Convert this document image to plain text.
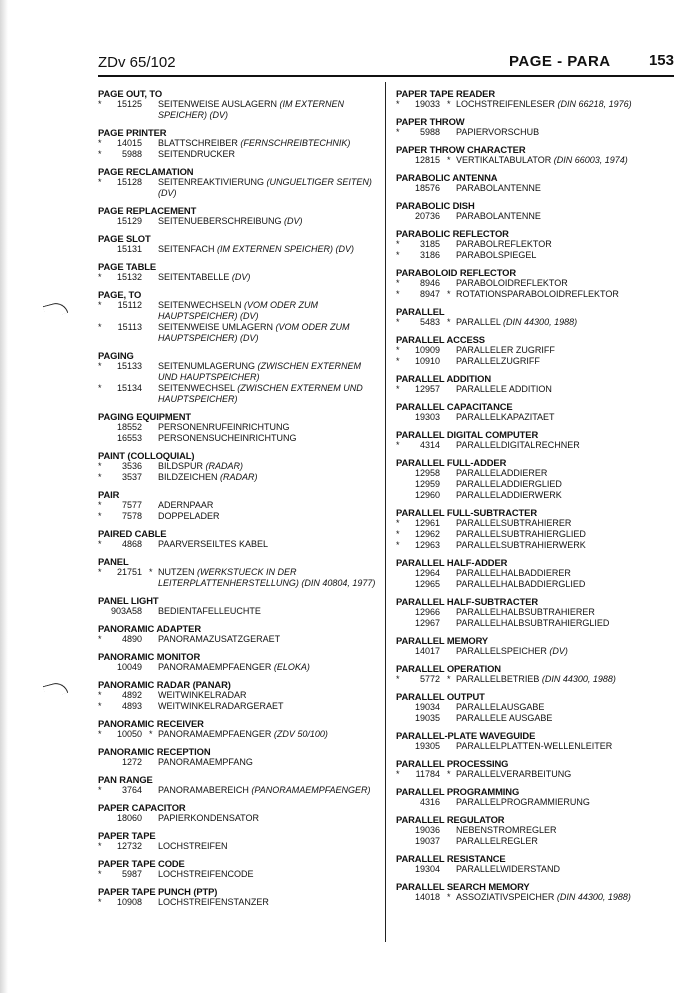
ZDv 65/102	PAGE - PARA	153
PAGE OUT, TO
*	15125 SEITENWEISE AUSLAGERN (IM EXTERNEN SPEICHER) (DV)
PAGE PRINTER
*	14015 BLATTSCHREIBER (FERNSCHREIBTECHNIK)
*	5988 SEITENDRUCKER
PAGE RECLAMATION
*	15128 SEITENREAKTIVIERUNG (UNGUELTIGER SEITEN) (DV)
PAGE REPLACEMENT
15129 SEITENUEBERSCHREIBUNG (DV)
PAGE SLOT
15131 SEITENFACH (IM EXTERNEN SPEICHER) (DV)
PAGE TABLE
*	15132 SEITENTABELLE (DV)
PAGE, TO
*	15112 SEITENWECHSELN (VOM ODER ZUM HAUPTSPEICHER) (DV)
*	15113 SEITENWEISE UMLAGERN (VOM ODER ZUM HAUPTSPEICHER) (DV)
PAGING
*	15133 SEITENUMLAGERUNG (ZWISCHEN EXTERNEM UND HAUPTSPEICHER)
*	15134 SEITENWECHSEL (ZWISCHEN EXTERNEM UND HAUPTSPEICHER)
PAGING EQUIPMENT
18552 PERSONENRUFEINRICHTUNG
16553 PERSONENSUCHEINRICHTUNG
PAINT (COLLOQUIAL)
*	3536 BILDSPUR (RADAR)
*	3537 BILDZEICHEN (RADAR)
PAIR
*	7577 ADERNPAAR
*	7578 DOPPELADER
PAIRED CABLE
*	4868 PAARVERSEILTES KABEL
PANEL
*	21751 * NUTZEN (WERKSTUECK IN DER LEITERPLATTENHERSTELLUNG) (DIN 40804, 1977)
PANEL LIGHT
903A58 BEDIENTAFELLEUCHTE
PANORAMIC ADAPTER
*	4890 PANORAMAZUSATZGERAET
PANORAMIC MONITOR
10049 PANORAMAEMPFAENGER (ELOKA)
PANORAMIC RADAR (PANAR)
*	4892 WEITWINKELRADAR
*	4893 WEITWINKELRADARGERAET
PANORAMIC RECEIVER
*	10050 * PANORAMAEMPFAENGER (ZDV 50/100)
PANORAMIC RECEPTION
1272 PANORAMAEMPFANG
PAN RANGE
*	3764 PANORAMABEREICH (PANORAMAEMPFAENGER)
PAPER CAPACITOR
18060 PAPIERKONDENSATOR
PAPER TAPE
*	12732 LOCHSTREIFEN
PAPER TAPE CODE
*	5987 LOCHSTREIFENCODE
PAPER TAPE PUNCH (PTP)
*	10908 LOCHSTREIFENSTANZER
PAPER TAPE READER
*	19033 * LOCHSTREIFENLESER (DIN 66218, 1976)
PAPER THROW
*	5988 PAPIERVORSCHUB
PAPER THROW CHARACTER
12815 * VERTIKALTABULATOR (DIN 66003, 1974)
PARABOLIC ANTENNA
18576 PARABOLANTENNE
PARABOLIC DISH
20736 PARABOLANTENNE
PARABOLIC REFLECTOR
*	3185 PARABOLREFLEKTOR
*	3186 PARABOLSPIEGEL
PARABOLOID REFLECTOR
*	8946 PARABOLOIDREFLEKTOR
*	8947 * ROTATIONSPARABOLOIDREFLEKTOR
PARALLEL
*	5483 * PARALLEL (DIN 44300, 1988)
PARALLEL ACCESS
*	10909 PARALLELER ZUGRIFF
*	10910 PARALLELZUGRIFF
PARALLEL ADDITION
*	12957 PARALLELE ADDITION
PARALLEL CAPACITANCE
19303 PARALLELKAPAZITAET
PARALLEL DIGITAL COMPUTER
*	4314 PARALLELDIGITALRECHNER
PARALLEL FULL-ADDER
12958 PARALLELADDIERER
12959 PARALLELADDIERGLIED
12960 PARALLELADDIERWERK
PARALLEL FULL-SUBTRACTER
*	12961 PARALLELSUBTRAHIERER
*	12962 PARALLELSUBTRAHIERGLIED
*	12963 PARALLELSUBTRAHIERWERK
PARALLEL HALF-ADDER
12964 PARALLELHALBADDIERER
12965 PARALLELHALBADDIERGLIED
PARALLEL HALF-SUBTRACTER
12966 PARALLELHALBSUBTRAHIERER
12967 PARALLELHALBSUBTRAHIERGLIED
PARALLEL MEMORY
14017 PARALLELSPEICHER (DV)
PARALLEL OPERATION
*	5772 * PARALLELBETRIEB (DIN 44300, 1988)
PARALLEL OUTPUT
19034 PARALLELAUSGABE
19035 PARALLELE AUSGABE
PARALLEL-PLATE WAVEGUIDE
19305 PARALLELPLATTEN-WELLENLEITER
PARALLEL PROCESSING
*	11784 * PARALLELVERARBEITUNG
PARALLEL PROGRAMMING
4316 PARALLELPROGRAMMIERUNG
PARALLEL REGULATOR
19036 NEBENSTROMREGLER
19037 PARALLELREGLER
PARALLEL RESISTANCE
19304 PARALLELWIDERSTAND
PARALLEL SEARCH MEMORY
14018 * ASSOZIATIVSPEICHER (DIN 44300, 1988)
